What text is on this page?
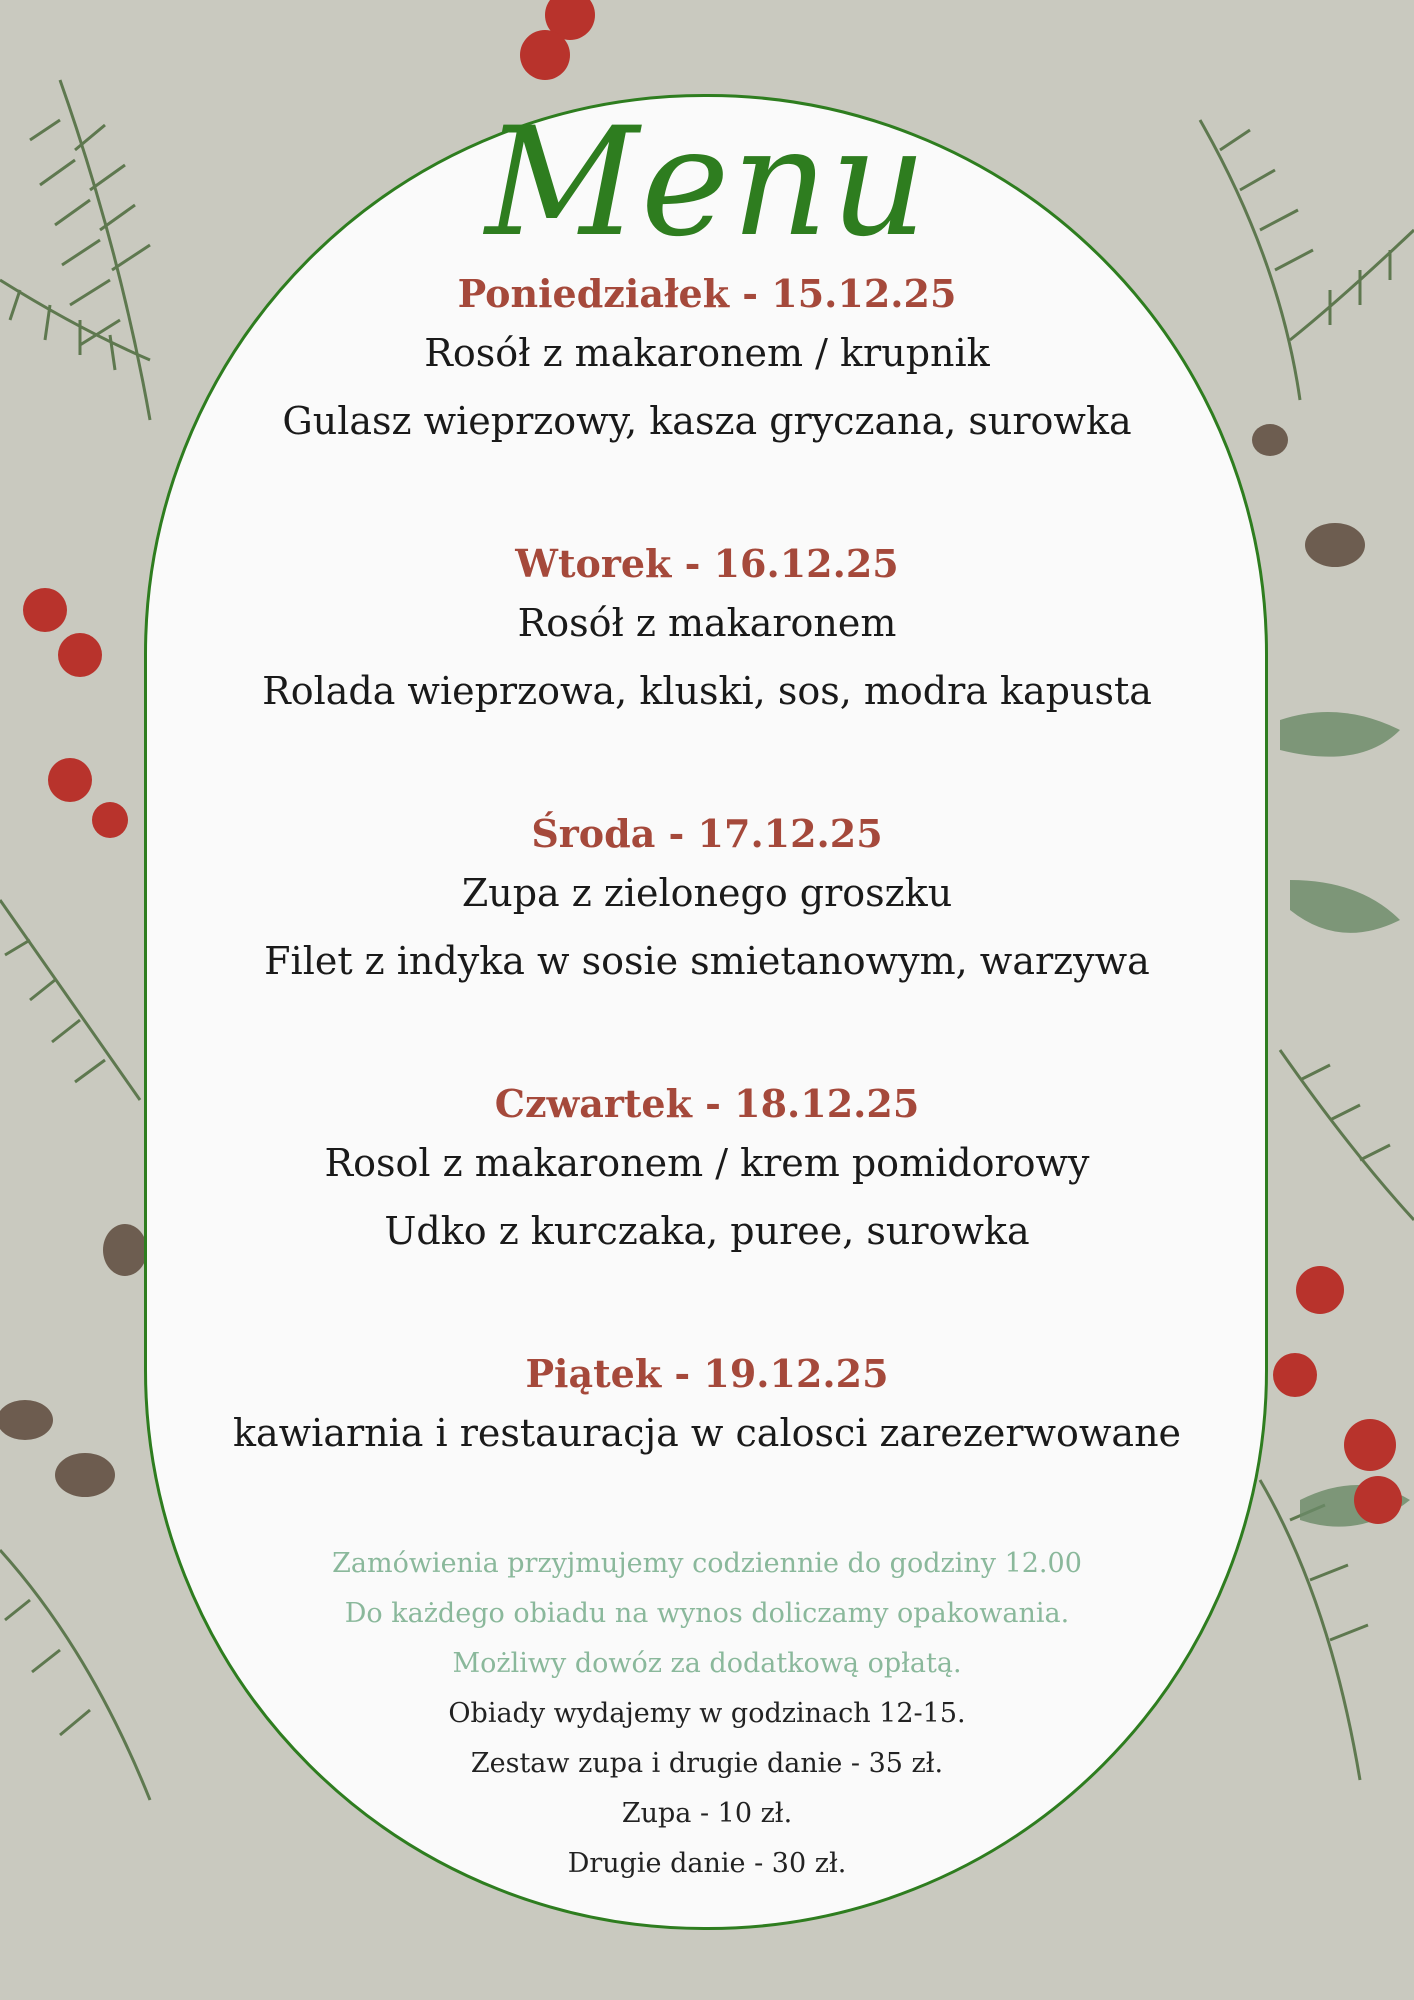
Menu
Poniedziałek - 15.12.25
Rosół z makaronem / krupnik
Gulasz wieprzowy, kasza gryczana, surowka
Wtorek - 16.12.25
Rosół z makaronem
Rolada wieprzowa, kluski, sos, modra kapusta
Środa - 17.12.25
Zupa z zielonego groszku
Filet z indyka w sosie smietanowym, warzywa
Czwartek - 18.12.25
Rosol z makaronem / krem pomidorowy
Udko z kurczaka, puree, surowka
Piątek - 19.12.25
kawiarnia i restauracja w calosci zarezerwowane
Zamówienia przyjmujemy codziennie do godziny 12.00
Do każdego obiadu na wynos doliczamy opakowania.
Możliwy dowóz za dodatkową opłatą.
Obiady wydajemy w godzinach 12-15.
Zestaw zupa i drugie danie - 35 zł.
Zupa - 10 zł.
Drugie danie - 30 zł.
